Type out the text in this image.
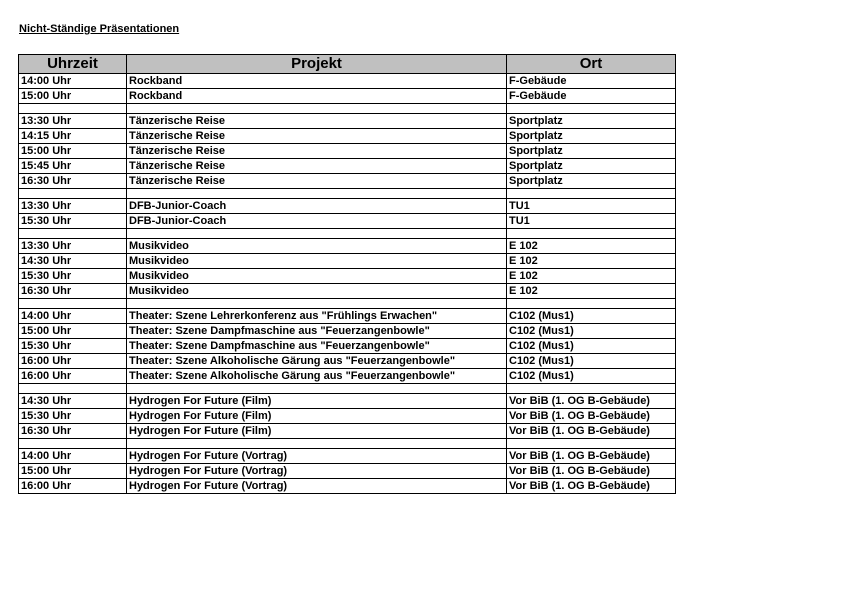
Nicht-Ständige Präsentationen
Uhrzeit	Projekt	Ort
14:00 Uhr	Rockband	F-Gebäude
15:00 Uhr	Rockband	F-Gebäude

13:30 Uhr	Tänzerische Reise	Sportplatz
14:15 Uhr	Tänzerische Reise	Sportplatz
15:00 Uhr	Tänzerische Reise	Sportplatz
15:45 Uhr	Tänzerische Reise	Sportplatz
16:30 Uhr	Tänzerische Reise	Sportplatz

13:30 Uhr	DFB-Junior-Coach	TU1
15:30 Uhr	DFB-Junior-Coach	TU1

13:30 Uhr	Musikvideo	E 102
14:30 Uhr	Musikvideo	E 102
15:30 Uhr	Musikvideo	E 102
16:30 Uhr	Musikvideo	E 102

14:00 Uhr	Theater: Szene Lehrerkonferenz aus "Frühlings Erwachen"	C102 (Mus1)
15:00 Uhr	Theater: Szene Dampfmaschine aus "Feuerzangenbowle"	C102 (Mus1)
15:30 Uhr	Theater: Szene Dampfmaschine aus "Feuerzangenbowle"	C102 (Mus1)
16:00 Uhr	Theater: Szene Alkoholische Gärung aus "Feuerzangenbowle"	C102 (Mus1)
16:00 Uhr	Theater: Szene Alkoholische Gärung aus "Feuerzangenbowle"	C102 (Mus1)

14:30 Uhr	Hydrogen For Future (Film)	Vor BiB (1. OG B-Gebäude)
15:30 Uhr	Hydrogen For Future (Film)	Vor BiB (1. OG B-Gebäude)
16:30 Uhr	Hydrogen For Future (Film)	Vor BiB (1. OG B-Gebäude)

14:00 Uhr	Hydrogen For Future (Vortrag)	Vor BiB (1. OG B-Gebäude)
15:00 Uhr	Hydrogen For Future (Vortrag)	Vor BiB (1. OG B-Gebäude)
16:00 Uhr	Hydrogen For Future (Vortrag)	Vor BiB (1. OG B-Gebäude)
